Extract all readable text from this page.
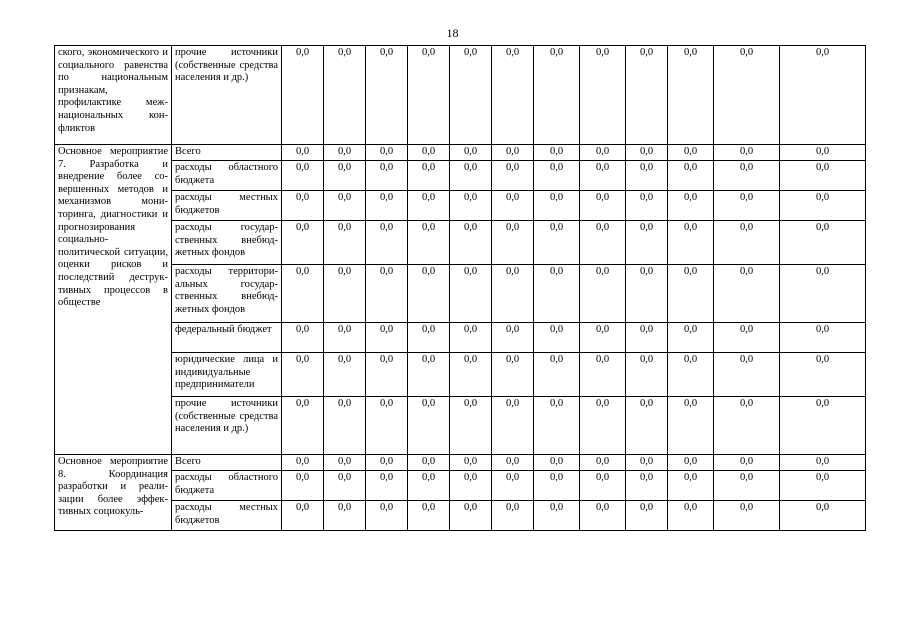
18
ского, экономического и социального равенства по национальным признакам, профилактике межнациональных конфликтов	прочие источники (собственные средства населения и др.)	0,0	0,0	0,0	0,0	0,0	0,0	0,0	0,0	0,0	0,0	0,0	0,0
Основное мероприятие 7. Разработка и внедрение более совершенных методов и механизмов мониторинга, диагностики и прогнозирования социально-политической ситуации, оценки рисков и последствий деструктивных процессов в обществе	Всего	0,0	0,0	0,0	0,0	0,0	0,0	0,0	0,0	0,0	0,0	0,0	0,0
	расходы областного бюджета	0,0	0,0	0,0	0,0	0,0	0,0	0,0	0,0	0,0	0,0	0,0	0,0
	расходы местных бюджетов	0,0	0,0	0,0	0,0	0,0	0,0	0,0	0,0	0,0	0,0	0,0	0,0
	расходы государственных внебюджетных фондов	0,0	0,0	0,0	0,0	0,0	0,0	0,0	0,0	0,0	0,0	0,0	0,0
	расходы территориальных государственных внебюджетных фондов	0,0	0,0	0,0	0,0	0,0	0,0	0,0	0,0	0,0	0,0	0,0	0,0
	федеральный бюджет	0,0	0,0	0,0	0,0	0,0	0,0	0,0	0,0	0,0	0,0	0,0	0,0
	юридические лица и индивидуальные предприниматели	0,0	0,0	0,0	0,0	0,0	0,0	0,0	0,0	0,0	0,0	0,0	0,0
	прочие источники (собственные средства населения и др.)	0,0	0,0	0,0	0,0	0,0	0,0	0,0	0,0	0,0	0,0	0,0	0,0
Основное мероприятие 8. Координация разработки и реализации более эффективных социокуль-	Всего	0,0	0,0	0,0	0,0	0,0	0,0	0,0	0,0	0,0	0,0	0,0	0,0
	расходы областного бюджета	0,0	0,0	0,0	0,0	0,0	0,0	0,0	0,0	0,0	0,0	0,0	0,0
	расходы местных бюджетов	0,0	0,0	0,0	0,0	0,0	0,0	0,0	0,0	0,0	0,0	0,0	0,0
